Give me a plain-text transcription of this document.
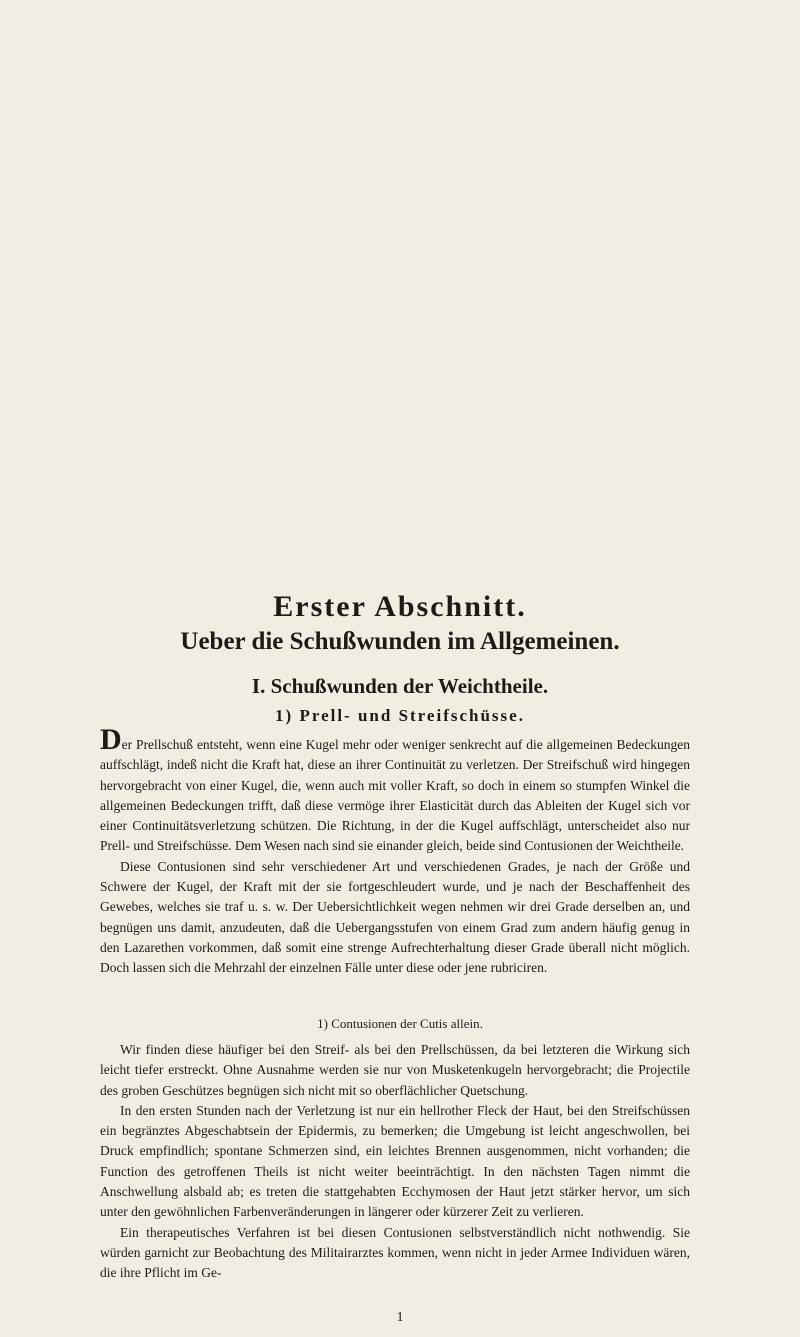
Erster Abschnitt.
Ueber die Schußwunden im Allgemeinen.
I. Schußwunden der Weichtheile.
1) Prell- und Streifschüsse.

Der Prellschuß entsteht, wenn eine Kugel mehr oder weniger senkrecht auf die allgemeinen Bedeckungen auffschlägt, indeß nicht die Kraft hat, diese an ihrer Continuität zu verletzen. Der Streifschuß wird hingegen hervorgebracht von einer Kugel, die, wenn auch mit voller Kraft, so doch in einem so stumpfen Winkel die allgemeinen Bedeckungen trifft, daß diese vermöge ihrer Elasticität durch das Ableiten der Kugel sich vor einer Continuitätsverletzung schützen. Die Richtung, in der die Kugel auffschlägt, unterscheidet also nur Prell- und Streifschüsse. Dem Wesen nach sind sie einander gleich, beide sind Contusionen der Weichtheile.

Diese Contusionen sind sehr verschiedener Art und verschiedenen Grades, je nach der Größe und Schwere der Kugel, der Kraft mit der sie fortgeschleudert wurde, und je nach der Beschaffenheit des Gewebes, welches sie traf u. s. w. Der Uebersichtlichkeit wegen nehmen wir drei Grade derselben an, und begnügen uns damit, anzudeuten, daß die Uebergangsstufen von einem Grad zum andern häufig genug in den Lazarethen vorkommen, daß somit eine strenge Aufrechterhaltung dieser Grade überall nicht möglich. Doch lassen sich die Mehrzahl der einzelnen Fälle unter diese oder jene rubriciren.

1) Contusionen der Cutis allein.

Wir finden diese häufiger bei den Streif- als bei den Prellschüssen, da bei letzteren die Wirkung sich leicht tiefer erstreckt. Ohne Ausnahme werden sie nur von Musketenkugeln hervorgebracht; die Projectile des groben Geschützes begnügen sich nicht mit so oberflächlicher Quetschung.

In den ersten Stunden nach der Verletzung ist nur ein hellrother Fleck der Haut, bei den Streifschüssen ein begränztes Abgeschabtsein der Epidermis, zu bemerken; die Umgebung ist leicht angeschwollen, bei Druck empfindlich; spontane Schmerzen sind, ein leichtes Brennen ausgenommen, nicht vorhanden; die Function des getroffenen Theils ist nicht weiter beeinträchtigt. In den nächsten Tagen nimmt die Anschwellung alsbald ab; es treten die stattgehabten Ecchymosen der Haut jetzt stärker hervor, um sich unter den gewöhnlichen Farbenveränderungen in längerer oder kürzerer Zeit zu verlieren.

Ein therapeutisches Verfahren ist bei diesen Contusionen selbstverständlich nicht nothwendig. Sie würden garnicht zur Beobachtung des Militairarztes kommen, wenn nicht in jeder Armee Individuen wären, die ihre Pflicht im Ge-

1
